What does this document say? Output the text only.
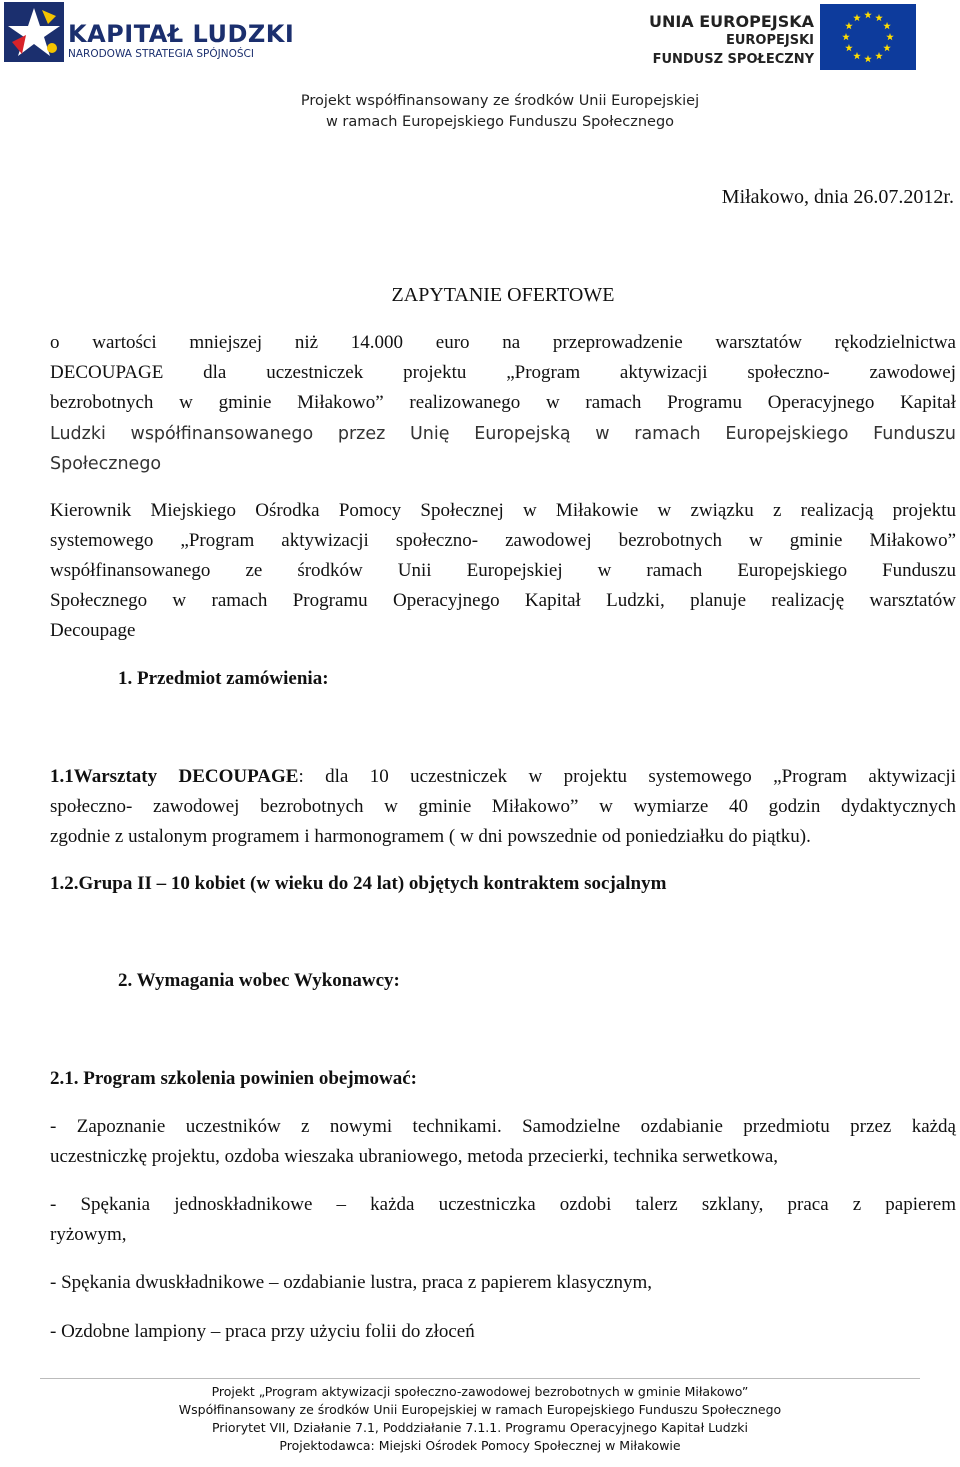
KAPITAŁ LUDZKI
NARODOWA STRATEGIA SPÓJNOŚCI
UNIA EUROPEJSKA
EUROPEJSKI
FUNDUSZ SPOŁECZNY
Projekt współfinansowany ze środków Unii Europejskiej
w ramach Europejskiego Funduszu Społecznego
Miłakowo, dnia 26.07.2012r.
ZAPYTANIE OFERTOWE
o wartości mniejszej niż 14.000 euro na przeprowadzenie warsztatów rękodzielnictwa
DECOUPAGE dla uczestniczek projektu „Program aktywizacji społeczno- zawodowej
bezrobotnych w gminie Miłakowo” realizowanego w ramach Programu Operacyjnego Kapitał
Ludzki współfinansowanego przez Unię Europejską w ramach Europejskiego Funduszu
Społecznego
Kierownik Miejskiego Ośrodka Pomocy Społecznej w Miłakowie w związku z realizacją projektu
systemowego „Program aktywizacji społeczno- zawodowej bezrobotnych w gminie Miłakowo”
współfinansowanego ze środków Unii Europejskiej w ramach Europejskiego Funduszu
Społecznego w ramach Programu Operacyjnego Kapitał Ludzki, planuje realizację warsztatów
Decoupage
1. Przedmiot zamówienia:
1.1Warsztaty DECOUPAGE: dla 10 uczestniczek w projektu systemowego „Program aktywizacji
społeczno- zawodowej bezrobotnych w gminie Miłakowo” w wymiarze 40 godzin dydaktycznych
zgodnie z ustalonym programem i harmonogramem ( w dni powszednie od poniedziałku do piątku).
1.2.Grupa II – 10 kobiet (w wieku do 24 lat) objętych kontraktem socjalnym
2. Wymagania wobec Wykonawcy:
2.1. Program szkolenia powinien obejmować:
- Zapoznanie uczestników z nowymi technikami. Samodzielne ozdabianie przedmiotu przez każdą
uczestniczkę projektu, ozdoba wieszaka ubraniowego, metoda przecierki, technika serwetkowa,
- Spękania jednoskładnikowe – każda uczestniczka ozdobi talerz szklany, praca z papierem
ryżowym,
- Spękania dwuskładnikowe – ozdabianie lustra, praca z papierem klasycznym,
- Ozdobne lampiony – praca przy użyciu folii do złoceń
Projekt „Program aktywizacji społeczno-zawodowej bezrobotnych w gminie Miłakowo”
Współfinansowany ze środków Unii Europejskiej w ramach Europejskiego Funduszu Społecznego
Priorytet VII, Działanie 7.1, Poddziałanie 7.1.1. Programu Operacyjnego Kapitał Ludzki
Projektodawca: Miejski Ośrodek Pomocy Społecznej w Miłakowie
